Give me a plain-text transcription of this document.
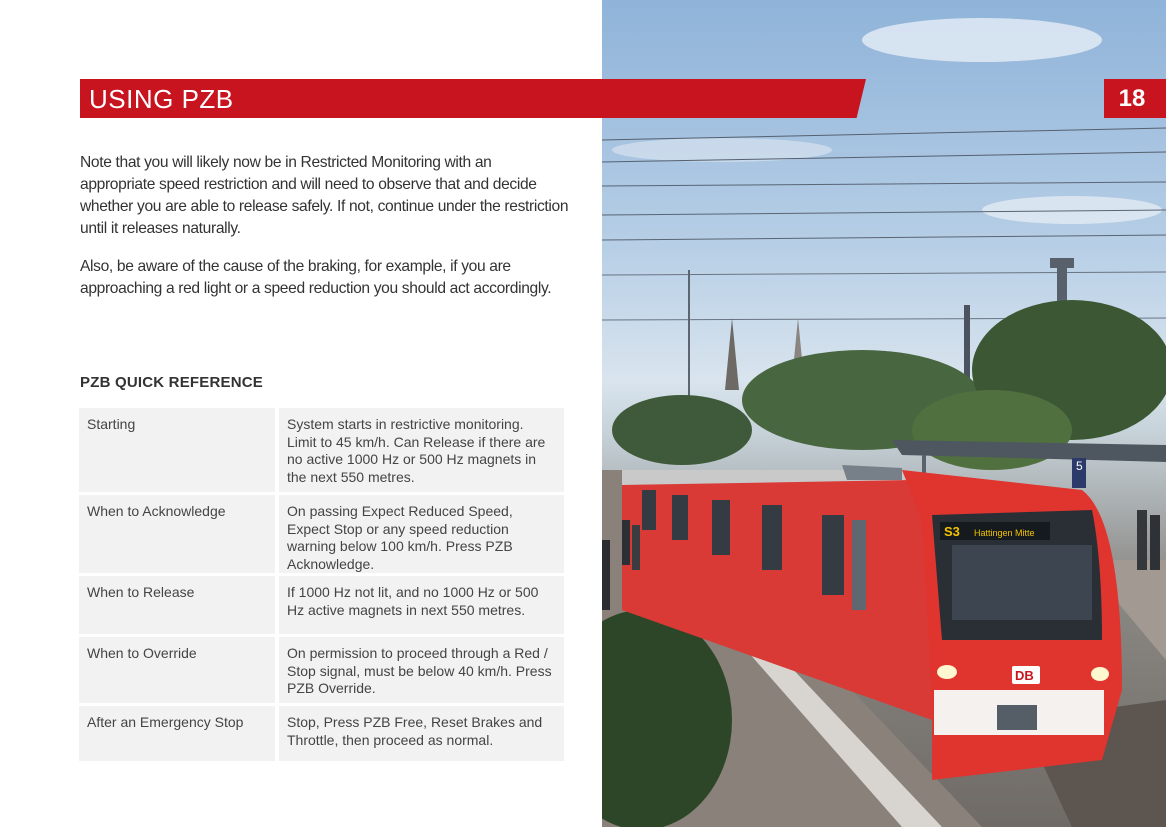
5
S3 Hattingen Mitte
DB
USING PZB	18
Note that you will likely now be in Restricted Monitoring with an appropriate speed restriction and will need to observe that and decide whether you are able to release safely. If not, continue under the restriction until it releases naturally.
Also, be aware of the cause of the braking, for example, if you are approaching a red light or a speed reduction you should act accordingly.
PZB QUICK REFERENCE
Starting	System starts in restrictive monitoring. Limit to 45 km/h. Can Release if there are no active 1000 Hz or 500 Hz magnets in the next 550 metres.
When to Acknowledge	On passing Expect Reduced Speed, Expect Stop or any speed reduction warning below 100 km/h. Press PZB Acknowledge.
When to Release	If 1000 Hz not lit, and no 1000 Hz or 500 Hz active magnets in next 550 metres.
When to Override	On permission to proceed through a Red / Stop signal, must be below 40 km/h. Press PZB Override.
After an Emergency Stop	Stop, Press PZB Free, Reset Brakes and Throttle, then proceed as normal.
